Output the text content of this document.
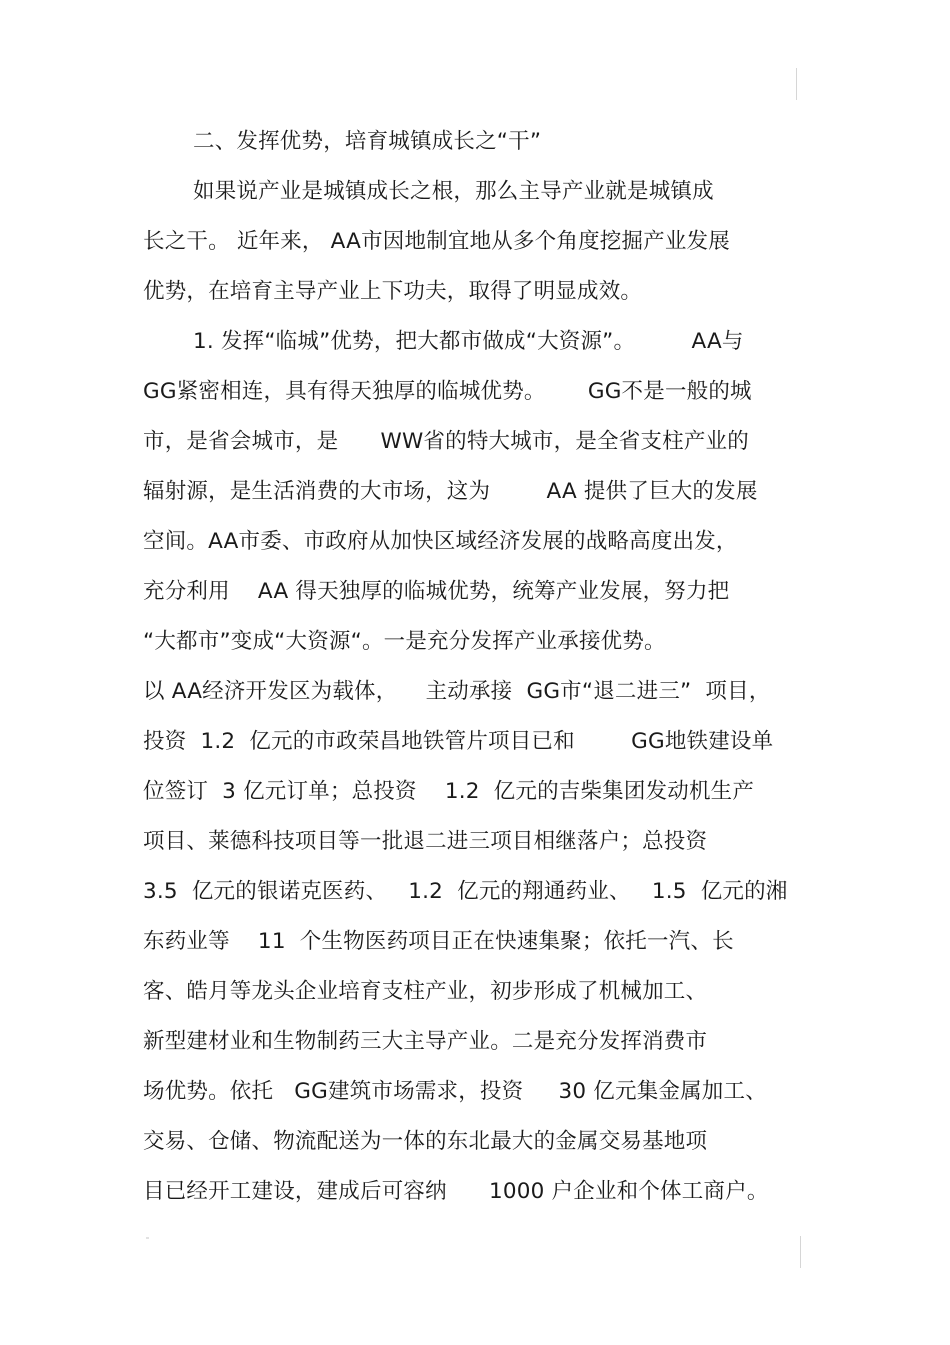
二、发挥优势，培育城镇成长之“干”
如果说产业是城镇成长之根，那么主导产业就是城镇成
长之干。 近年来， AA市因地制宜地从多个角度挖掘产业发展
优势，在培育主导产业上下功夫，取得了明显成效。
1. 发挥“临城”优势，把大都市做成“大资源”。        AA与
GG紧密相连，具有得天独厚的临城优势。      GG不是一般的城
市，是省会城市，是      WW省的特大城市，是全省支柱产业的
辐射源，是生活消费的大市场，这为        AA 提供了巨大的发展
空间。AA市委、市政府从加快区域经济发展的战略高度出发，
充分利用    AA 得天独厚的临城优势，统筹产业发展，努力把
“大都市”变成“大资源“。一是充分发挥产业承接优势。
以 AA经济开发区为载体，    主动承接  GG市“退二进三”  项目，
投资  1.2  亿元的市政荣昌地铁管片项目已和        GG地铁建设单
位签订  3 亿元订单；总投资    1.2  亿元的吉柴集团发动机生产
项目、莱德科技项目等一批退二进三项目相继落户；总投资
3.5  亿元的银诺克医药、   1.2  亿元的翔通药业、   1.5  亿元的湘
东药业等    11  个生物医药项目正在快速集聚；依托一汽、长
客、皓月等龙头企业培育支柱产业，初步形成了机械加工、
新型建材业和生物制药三大主导产业。二是充分发挥消费市
场优势。依托   GG建筑市场需求，投资     30 亿元集金属加工、
交易、仓储、物流配送为一体的东北最大的金属交易基地项
目已经开工建设，建成后可容纳      1000 户企业和个体工商户。
